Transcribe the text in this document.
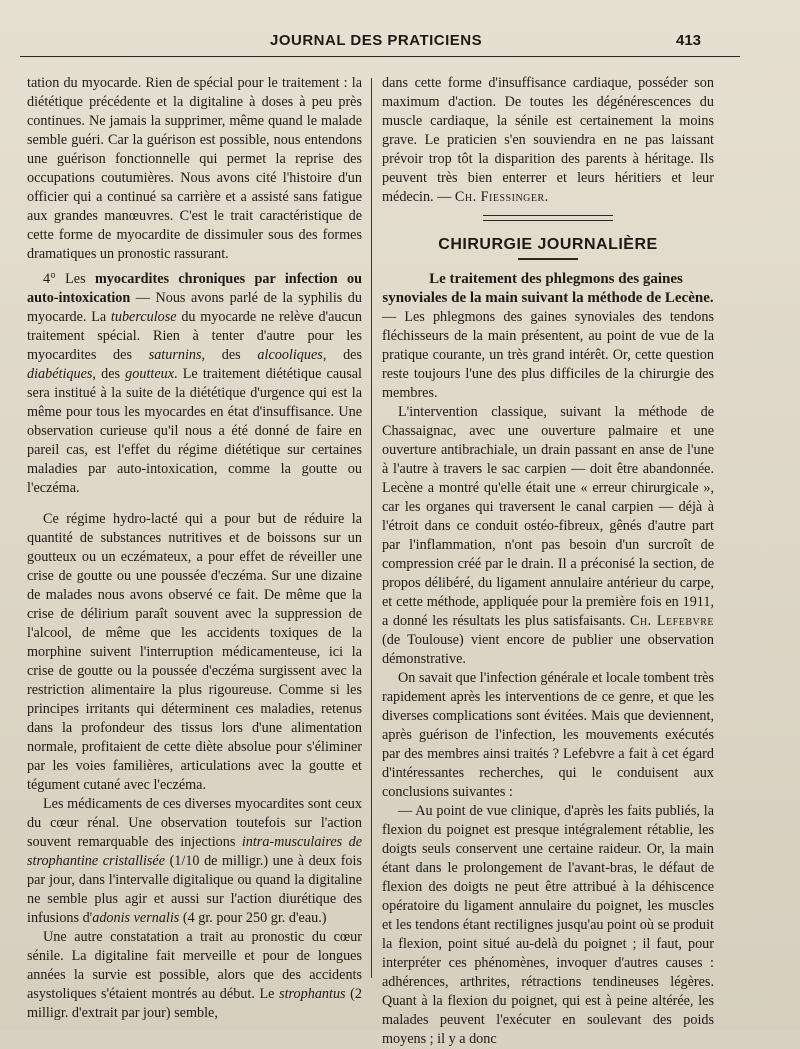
JOURNAL DES PRATICIENS	413

tation du myocarde. Rien de spécial pour le traitement : la diététique précédente et la digitaline à doses à peu près continues. Ne jamais la supprimer, même quand le malade semble guéri. Car la guérison est possible, nous entendons une guérison fonctionnelle qui permet la reprise des occupations coutumières. Nous avons cité l'histoire d'un officier qui a continué sa carrière et a assisté sans fatigue aux grandes manœuvres. C'est le trait caractéristique de cette forme de myocardite de dissimuler sous des formes dramatiques un pronostic rassurant.

4° Les myocardites chroniques par infection ou auto-intoxication — Nous avons parlé de la syphilis du myocarde. La tuberculose du myocarde ne relève d'aucun traitement spécial. Rien à tenter d'autre pour les myocardites des saturnins, des alcooliques, des diabétiques, des goutteux. Le traitement diététique causal sera institué à la suite de la diététique d'urgence qui est la même pour tous les myocardes en état d'insuffisance. Une observation curieuse qu'il nous a été donné de faire en pareil cas, est l'effet du régime diététique sur certaines maladies par auto-intoxication, comme la goutte ou l'eczéma.

Ce régime hydro-lacté qui a pour but de réduire la quantité de substances nutritives et de boissons sur un goutteux ou un eczémateux, a pour effet de réveiller une crise de goutte ou une poussée d'eczéma. Sur une dizaine de malades nous avons observé ce fait. De même que la crise de délirium paraît souvent avec la suppression de l'alcool, de même que les accidents toxiques de la morphine suivent l'interruption médicamenteuse, ici la crise de goutte ou la poussée d'eczéma surgissent avec la restriction alimentaire la plus rigoureuse. Comme si les principes irritants qui déterminent ces maladies, retenus dans la profondeur des tissus lors d'une alimentation normale, profitaient de cette diète absolue pour s'éliminer par les voies familières, articulations avec la goutte et tégument cutané avec l'eczéma.

Les médicaments de ces diverses myocardites sont ceux du cœur rénal. Une observation toutefois sur l'action souvent remarquable des injections intra-musculaires de strophantine cristallisée (1/10 de milligr.) une à deux fois par jour, dans l'intervalle digitalique ou quand la digitaline ne semble plus agir et aussi sur l'action diurétique des infusions d'adonis vernalis (4 gr. pour 250 gr. d'eau.)

Une autre constatation a trait au pronostic du cœur sénile. La digitaline fait merveille et pour de longues années la survie est possible, alors que des accidents asystoliques s'étaient montrés au début. Le strophantus (2 milligr. d'extrait par jour) semble,

dans cette forme d'insuffisance cardiaque, posséder son maximum d'action. De toutes les dégénérescences du muscle cardiaque, la sénile est certainement la moins grave. Le praticien s'en souviendra en ne pas laissant prévoir trop tôt la disparition des parents à héritage. Ils peuvent très bien enterrer et leurs héritiers et leur médecin. — Ch. Fiessinger.

CHIRURGIE JOURNALIÈRE

Le traitement des phlegmons des gaines synoviales de la main suivant la méthode de Lecène.

— Les phlegmons des gaines synoviales des tendons fléchisseurs de la main présentent, au point de vue de la pratique courante, un très grand intérêt. Or, cette question reste toujours l'une des plus difficiles de la chirurgie des membres.

L'intervention classique, suivant la méthode de Chassaignac, avec une ouverture palmaire et une ouverture antibrachiale, un drain passant en anse de l'une à l'autre à travers le sac carpien — doit être abandonnée. Lecène a montré qu'elle était une « erreur chirurgicale », car les organes qui traversent le canal carpien — déjà à l'étroit dans ce conduit ostéo-fibreux, gênés d'autre part par l'inflammation, n'ont pas besoin d'un surcroît de compression créé par le drain. Il a préconisé la section, de propos délibéré, du ligament annulaire antérieur du carpe, et cette méthode, appliquée pour la première fois en 1911, a donné les résultats les plus satisfaisants. Ch. Lefebvre (de Toulouse) vient encore de publier une observation démonstrative.

On savait que l'infection générale et locale tombent très rapidement après les interventions de ce genre, et que les diverses complications sont évitées. Mais que deviennent, après guérison de l'infection, les mouvements exécutés par des membres ainsi traités ? Lefebvre a fait à cet égard d'intéressantes recherches, qui le conduisent aux conclusions suivantes :

— Au point de vue clinique, d'après les faits publiés, la flexion du poignet est presque intégralement rétablie, les doigts seuls conservent une certaine raideur. Or, la main étant dans le prolongement de l'avant-bras, le défaut de flexion des doigts ne peut être attribué à la déhiscence opératoire du ligament annulaire du poignet, les muscles et les tendons étant rectilignes jusqu'au point où se produit la flexion, point situé au-delà du poignet ; il faut, pour interpréter ces phénomènes, invoquer d'autres causes : adhérences, arthrites, rétractions tendineuses légères. Quant à la flexion du poignet, qui est à peine altérée, les malades peuvent l'exécuter en soulevant des poids moyens ; il y a donc
